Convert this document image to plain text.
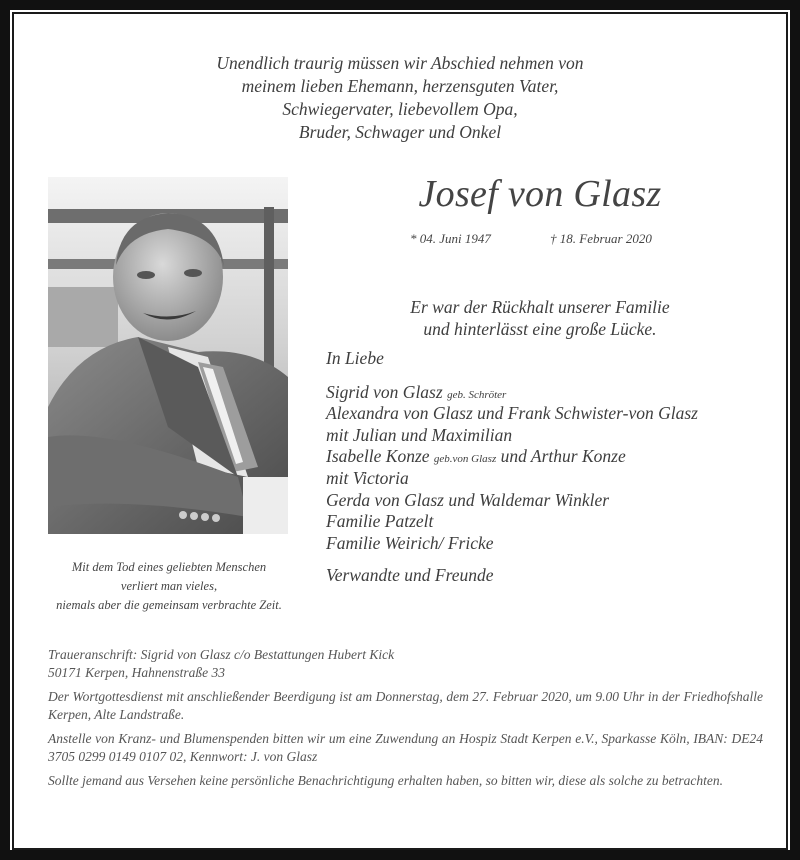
Unendlich traurig müssen wir Abschied nehmen von
meinem lieben Ehemann, herzensguten Vater,
Schwiegervater, liebevollem Opa,
Bruder, Schwager und Onkel
Mit dem Tod eines geliebten Menschen
verliert man vieles,
niemals aber die gemeinsam verbrachte Zeit.
Josef von Glasz
* 04. Juni 1947	† 18. Februar 2020
Er war der Rückhalt unserer Familie
und hinterlässt eine große Lücke.
In Liebe
Sigrid von Glasz geb. Schröter
Alexandra von Glasz und Frank Schwister-von Glasz
mit Julian und Maximilian
Isabelle Konze geb.von Glasz und Arthur Konze
mit Victoria
Gerda von Glasz und Waldemar Winkler
Familie Patzelt
Familie Weirich/ Fricke
Verwandte und Freunde

Traueranschrift: Sigrid von Glasz c/o Bestattungen Hubert Kick
50171 Kerpen, Hahnenstraße 33

Der Wortgottesdienst mit anschließender Beerdigung ist am Donnerstag, dem 27. Februar 2020, um 9.00 Uhr in der Friedhofshalle Kerpen, Alte Landstraße.

Anstelle von Kranz- und Blumenspenden bitten wir um eine Zuwendung an Hospiz Stadt Kerpen e.V., Sparkasse Köln, IBAN: DE24 3705 0299 0149 0107 02, Kennwort: J. von Glasz

Sollte jemand aus Versehen keine persönliche Benachrichtigung erhalten haben, so bitten wir, diese als solche zu betrachten.
